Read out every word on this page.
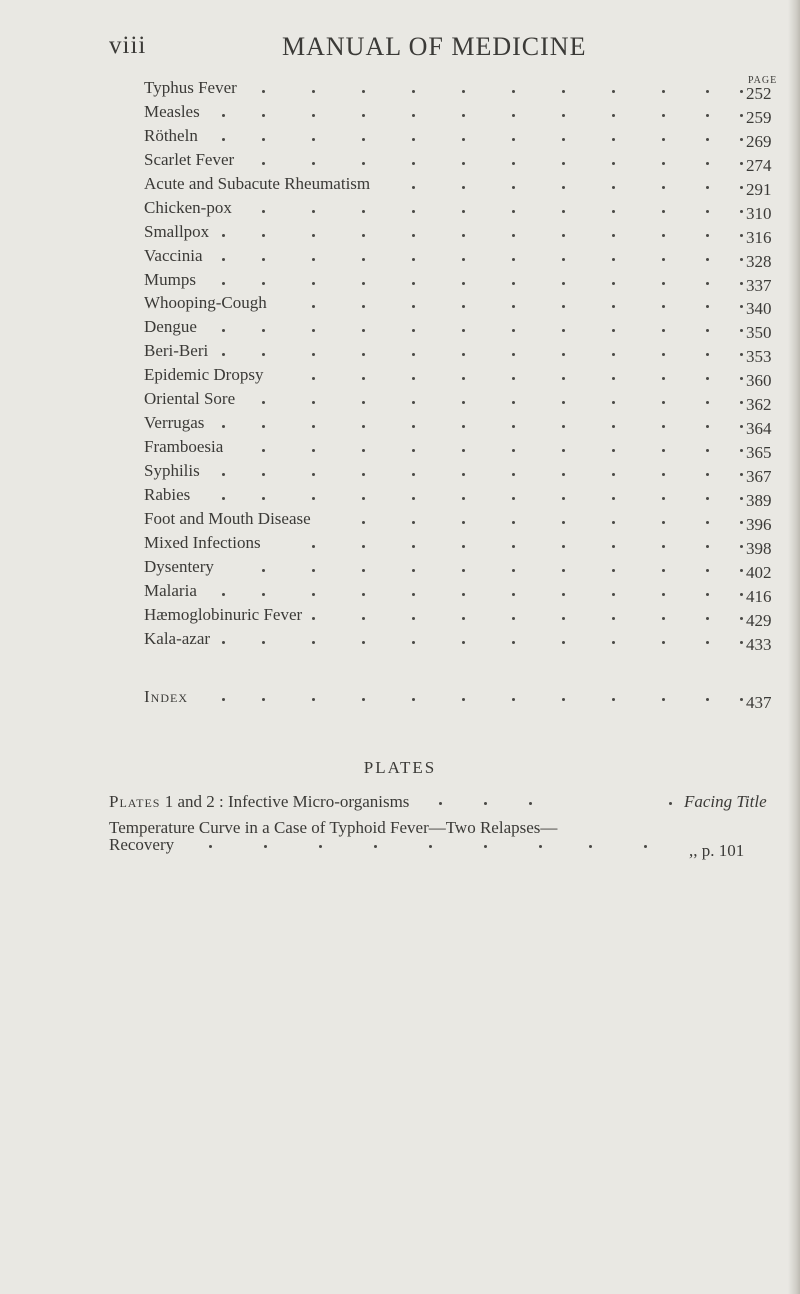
viii	MANUAL OF MEDICINE
PAGE
Typhus Fever	252
Measles	259
Rötheln	269
Scarlet Fever	274
Acute and Subacute Rheumatism	291
Chicken-pox	310
Smallpox	316
Vaccinia	328
Mumps	337
Whooping-Cough	340
Dengue	350
Beri-Beri	353
Epidemic Dropsy	360
Oriental Sore	362
Verrugas	364
Framboesia	365
Syphilis	367
Rabies	389
Foot and Mouth Disease	396
Mixed Infections	398
Dysentery	402
Malaria	416
Hæmoglobinuric Fever	429
Kala-azar	433
Index	437
PLATES
Plates 1 and 2 : Infective Micro-organisms	Facing Title
Temperature Curve in a Case of Typhoid Fever—Two Relapses—
Recovery	,, p. 101
